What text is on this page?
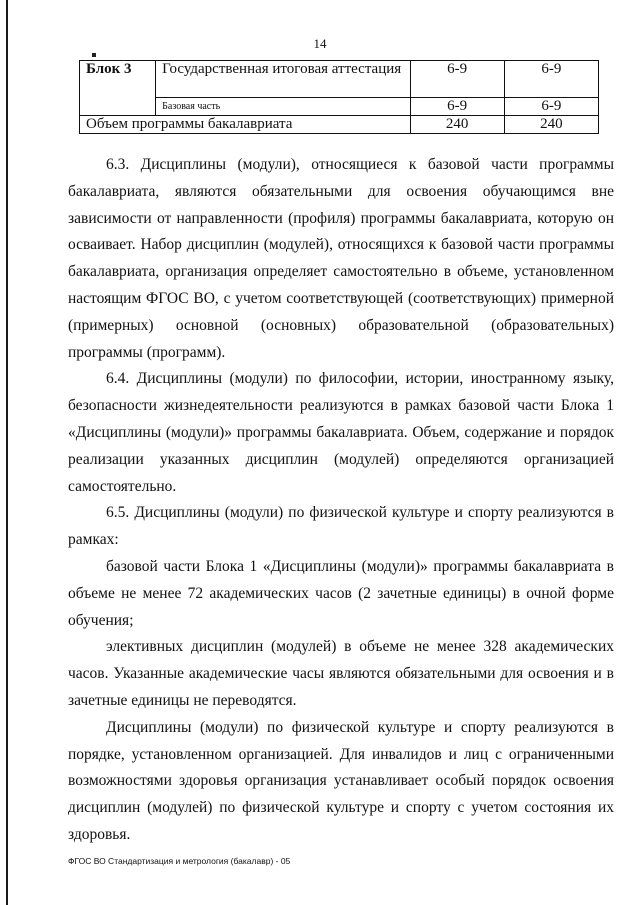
14
Блок 3	Государственная итоговая аттестация	6-9	6-9
	Базовая часть	6-9	6-9
Объем программы бакалавриата		240	240

6.3. Дисциплины (модули), относящиеся к базовой части программы бакалавриата, являются обязательными для освоения обучающимся вне зависимости от направленности (профиля) программы бакалавриата, которую он осваивает. Набор дисциплин (модулей), относящихся к базовой части программы бакалавриата, организация определяет самостоятельно в объеме, установленном настоящим ФГОС ВО, с учетом соответствующей (соответствующих) примерной (примерных) основной (основных) образовательной (образовательных) программы (программ).

6.4. Дисциплины (модули) по философии, истории, иностранному языку, безопасности жизнедеятельности реализуются в рамках базовой части Блока 1 «Дисциплины (модули)» программы бакалавриата. Объем, содержание и порядок реализации указанных дисциплин (модулей) определяются организацией самостоятельно.

6.5. Дисциплины (модули) по физической культуре и спорту реализуются в рамках:

базовой части Блока 1 «Дисциплины (модули)» программы бакалавриата в объеме не менее 72 академических часов (2 зачетные единицы) в очной форме обучения;

элективных дисциплин (модулей) в объеме не менее 328 академических часов. Указанные академические часы являются обязательными для освоения и в зачетные единицы не переводятся.

Дисциплины (модули) по физической культуре и спорту реализуются в порядке, установленном организацией. Для инвалидов и лиц с ограниченными возможностями здоровья организация устанавливает особый порядок освоения дисциплин (модулей) по физической культуре и спорту с учетом состояния их здоровья.

ФГОС ВО Стандартизация и метрология (бакалавр) - 05
